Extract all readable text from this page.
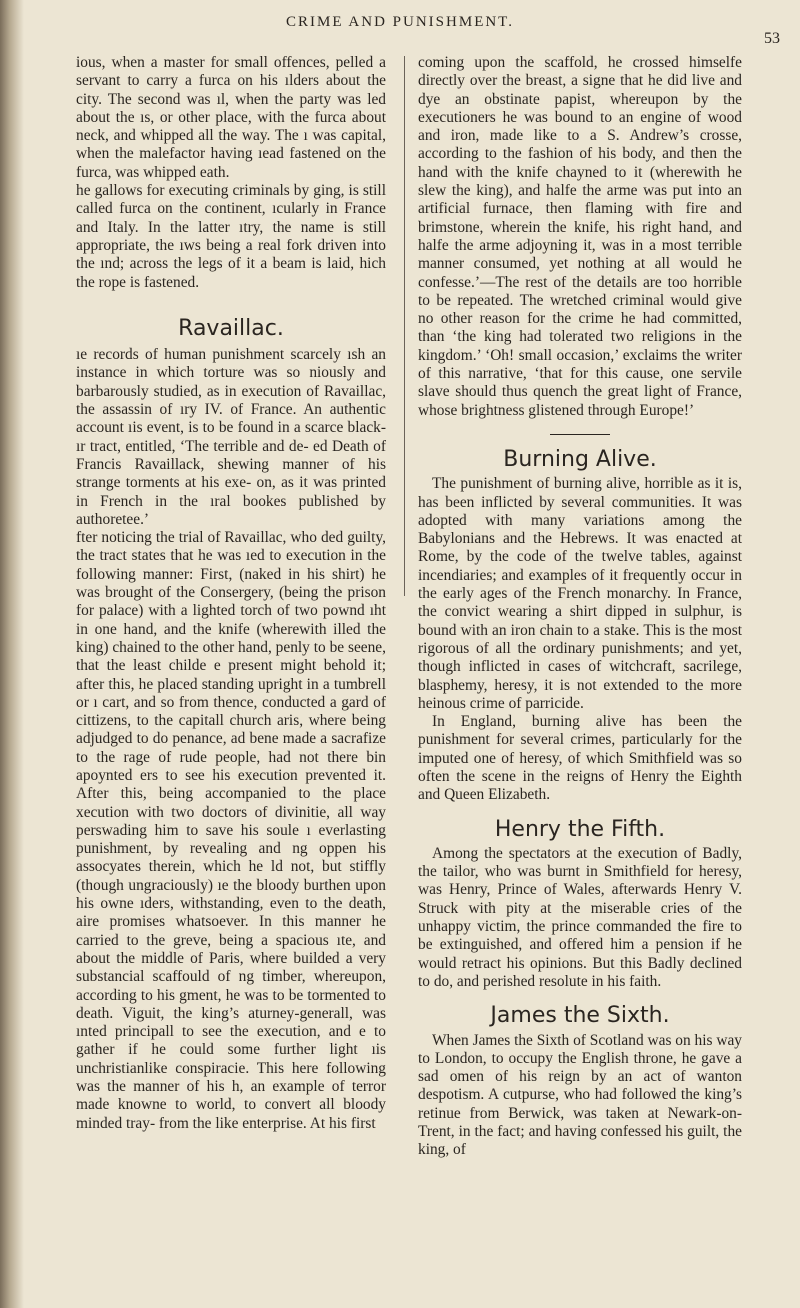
CRIME AND PUNISHMENT.
53

ious, when a master for small offences, pelled a servant to carry a furca on his ılders about the city. The second was ıl, when the party was led about the ıs, or other place, with the furca about neck, and whipped all the way. The ı was capital, when the malefactor having ıead fastened on the furca, was whipped eath.

he gallows for executing criminals by ging, is still called furca on the continent, ıcularly in France and Italy. In the latter ıtry, the name is still appropriate, the ıws being a real fork driven into the ınd; across the legs of it a beam is laid, hich the rope is fastened.

Ravaillac.

ıe records of human punishment scarcely ısh an instance in which torture was so niously and barbarously studied, as in execution of Ravaillac, the assassin of ıry IV. of France. An authentic account ıis event, is to be found in a scarce black- ır tract, entitled, ‘The terrible and de- ed Death of Francis Ravaillack, shewing manner of his strange torments at his exe- on, as it was printed in French in the ıral bookes published by authoretee.’

fter noticing the trial of Ravaillac, who ded guilty, the tract states that he was ıed to execution in the following manner: First, (naked in his shirt) he was brought of the Consergery, (being the prison for palace) with a lighted torch of two pownd ıht in one hand, and the knife (wherewith illed the king) chained to the other hand, penly to be seene, that the least childe e present might behold it; after this, he placed standing upright in a tumbrell or ı cart, and so from thence, conducted a gard of cittizens, to the capitall church aris, where being adjudged to do penance, ad bene made a sacrafize to the rage of rude people, had not there bin apoynted ers to see his execution prevented it. After this, being accompanied to the place xecution with two doctors of divinitie, all way perswading him to save his soule ı everlasting punishment, by revealing and ng oppen his assocyates therein, which he ld not, but stiffly (though ungraciously) ıe the bloody burthen upon his owne ıders, withstanding, even to the death, aire promises whatsoever. In this manner he carried to the greve, being a spacious ıte, and about the middle of Paris, where builded a very substancial scaffould of ng timber, whereupon, according to his gment, he was to be tormented to death. Viguit, the king’s aturney-generall, was ınted principall to see the execution, and e to gather if he could some further light ıis unchristianlike conspiracie. This here following was the manner of his h, an example of terror made knowne to world, to convert all bloody minded tray- from the like enterprise. At his first

coming upon the scaffold, he crossed himselfe directly over the breast, a signe that he did live and dye an obstinate papist, whereupon by the executioners he was bound to an engine of wood and iron, made like to a S. Andrew’s crosse, according to the fashion of his body, and then the hand with the knife chayned to it (wherewith he slew the king), and halfe the arme was put into an artificial furnace, then flaming with fire and brimstone, wherein the knife, his right hand, and halfe the arme adjoyning it, was in a most terrible manner consumed, yet nothing at all would he confesse.’—The rest of the details are too horrible to be repeated. The wretched criminal would give no other reason for the crime he had committed, than ‘the king had tolerated two religions in the kingdom.’ ‘Oh! small occasion,’ exclaims the writer of this narrative, ‘that for this cause, one servile slave should thus quench the great light of France, whose brightness glistened through Europe!’

Burning Alive.

The punishment of burning alive, horrible as it is, has been inflicted by several communities. It was adopted with many variations among the Babylonians and the Hebrews. It was enacted at Rome, by the code of the twelve tables, against incendiaries; and examples of it frequently occur in the early ages of the French monarchy. In France, the convict wearing a shirt dipped in sulphur, is bound with an iron chain to a stake. This is the most rigorous of all the ordinary punishments; and yet, though inflicted in cases of witchcraft, sacrilege, blasphemy, heresy, it is not extended to the more heinous crime of parricide.

In England, burning alive has been the punishment for several crimes, particularly for the imputed one of heresy, of which Smithfield was so often the scene in the reigns of Henry the Eighth and Queen Elizabeth.

Henry the Fifth.

Among the spectators at the execution of Badly, the tailor, who was burnt in Smithfield for heresy, was Henry, Prince of Wales, afterwards Henry V. Struck with pity at the miserable cries of the unhappy victim, the prince commanded the fire to be extinguished, and offered him a pension if he would retract his opinions. But this Badly declined to do, and perished resolute in his faith.

James the Sixth.

When James the Sixth of Scotland was on his way to London, to occupy the English throne, he gave a sad omen of his reign by an act of wanton despotism. A cutpurse, who had followed the king’s retinue from Berwick, was taken at Newark-on-Trent, in the fact; and having confessed his guilt, the king, of
